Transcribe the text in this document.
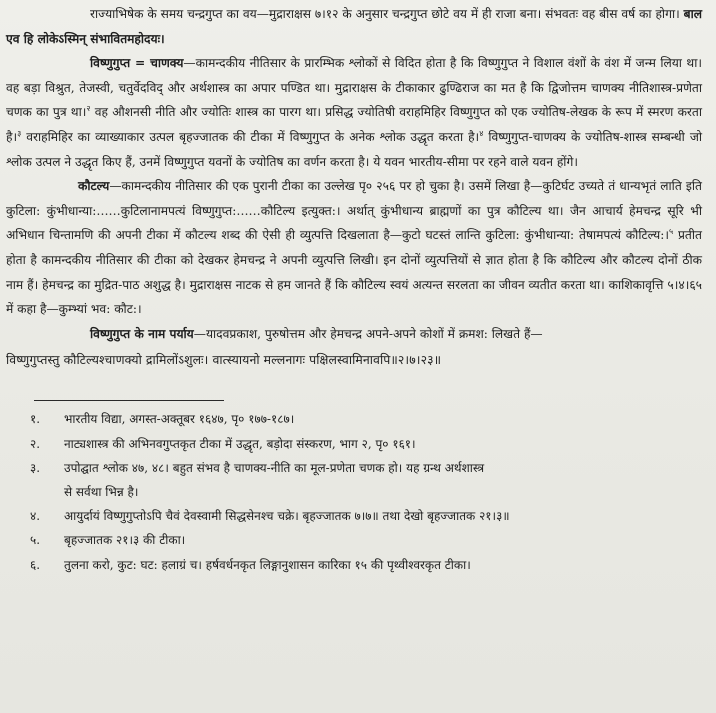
राज्याभिषेक के समय चन्द्रगुप्त का वय—मुद्राराक्षस ७।१२ के अनुसार चन्द्रगुप्त छोटे वय में ही राजा बना। संभवतः वह बीस वर्ष का होगा। बाल एव हि लोकेऽस्मिन् संभावितमहोदयः।

विष्णुगुप्त = चाणक्य—कामन्दकीय नीतिसार के प्रारम्भिक श्लोकों से विदित होता है कि विष्णुगुप्त ने विशाल वंशों के वंश में जन्म लिया था। वह बड़ा विश्रुत, तेजस्वी, चतुर्वेदविद् और अर्थशास्त्र का अपार पण्डित था। मुद्राराक्षस के टीकाकार ढुण्ढिराज का मत है कि द्विजोत्तम चाणक्य नीतिशास्त्र-प्रणेता चणक का पुत्र था।$^२$ वह औशनसी नीति और ज्योतिः शास्त्र का पारग था। प्रसिद्ध ज्योतिषी वराहमिहिर विष्णुगुप्त को एक ज्योतिष-लेखक के रूप में स्मरण करता है।$^३$ वराहमिहिर का व्याख्याकार उत्पल बृहज्जातक की टीका में विष्णुगुप्त के अनेक श्लोक उद्धृत करता है।$^४$ विष्णुगुप्त-चाणक्य के ज्योतिष-शास्त्र सम्बन्धी जो श्लोक उत्पल ने उद्धृत किए हैं, उनमें विष्णुगुप्त यवनों के ज्योतिष का वर्णन करता है। ये यवन भारतीय-सीमा पर रहने वाले यवन होंगे।

कौटल्य—कामन्दकीय नीतिसार की एक पुरानी टीका का उल्लेख पृ० २५६ पर हो चुका है। उसमें लिखा है—कुटिर्घट उच्यते तं धान्यभृतं लाति इति कुटिला: कुंभीधान्या:……कुटिलानामपत्यं विष्णुगुप्त:……कौटिल्य इत्युक्त:। अर्थात् कुंभीधान्य ब्राह्मणों का पुत्र कौटिल्य था। जैन आचार्य हेमचन्द्र सूरि भी अभिधान चिन्तामणि की अपनी टीका में कौटल्य शब्द की ऐसी ही व्युत्पत्ति दिखलाता है—कुटो घटस्तं लान्ति कुटिला: कुंभीधान्या: तेषामपत्यं कौटिल्य:।$^५$ प्रतीत होता है कामन्दकीय नीतिसार की टीका को देखकर हेमचन्द्र ने अपनी व्युत्पत्ति लिखी। इन दोनों व्युत्पत्तियों से ज्ञात होता है कि कौटिल्य और कौटल्य दोनों ठीक नाम हैं। हेमचन्द्र का मुद्रित-पाठ अशुद्ध है। मुद्राराक्षस नाटक से हम जानते हैं कि कौटिल्य स्वयं अत्यन्त सरलता का जीवन व्यतीत करता था। काशिकावृत्ति ५।४।६५ में कहा है—कुम्भ्यां भव: कौट:।

विष्णुगुप्त के नाम पर्याय—यादवप्रकाश, पुरुषोत्तम और हेमचन्द्र अपने-अपने कोशों में क्रमश: लिखते हैं—

विष्णुगुप्तस्तु कौटिल्यश्चाणक्यो द्रामिलोंऽशुलः। वात्स्यायनो मल्लनागः पक्षिलस्वामिनावपि॥२।७।२३॥

१.	भारतीय विद्या, अगस्त-अक्तूबर १६४७, पृ० १७७-१८७।
२.	नाट्यशास्त्र की अभिनवगुप्तकृत टीका में उद्धृत, बड़ोदा संस्करण, भाग २, पृ० १६१।
३.	उपोद्घात श्लोक ४७, ४८। बहुत संभव है चाणक्य-नीति का मूल-प्रणेता चणक हो। यह ग्रन्थ अर्थशास्त्र
से सर्वथा भिन्न है।
४.	आयुर्दायं विष्णुगुप्तोऽपि चैवं देवस्वामी सिद्धसेनश्च चक्रे। बृहज्जातक ७।७॥ तथा देखो बृहज्जातक २१।३॥
५.	बृहज्जातक २१।३ की टीका।
६.	तुलना करो, कुट: घट: हलाग्रं च। हर्षवर्धनकृत लिङ्गानुशासन कारिका १५ की पृथ्वीश्वरकृत टीका।
